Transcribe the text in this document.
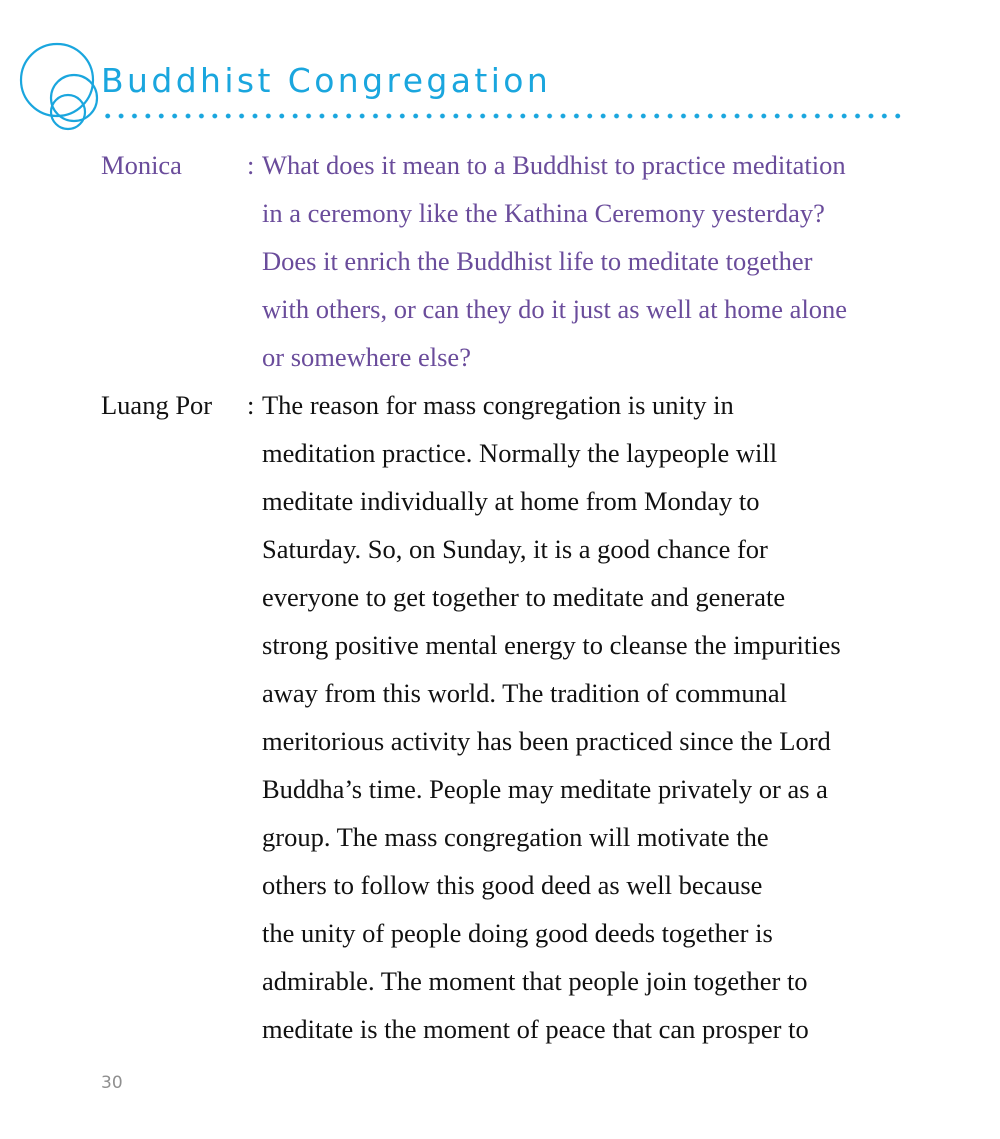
Buddhist Congregation
Monica : What does it mean to a Buddhist to practice meditation
in a ceremony like the Kathina Ceremony yesterday?
Does it enrich the Buddhist life to meditate together
with others, or can they do it just as well at home alone
or somewhere else?
Luang Por : The reason for mass congregation is unity in
meditation practice. Normally the laypeople will
meditate individually at home from Monday to
Saturday. So, on Sunday, it is a good chance for
everyone to get together to meditate and generate
strong positive mental energy to cleanse the impurities
away from this world. The tradition of communal
meritorious activity has been practiced since the Lord
Buddha’s time. People may meditate privately or as a
group. The mass congregation will motivate the
others to follow this good deed as well because
the unity of people doing good deeds together is
admirable. The moment that people join together to
meditate is the moment of peace that can prosper to
30
